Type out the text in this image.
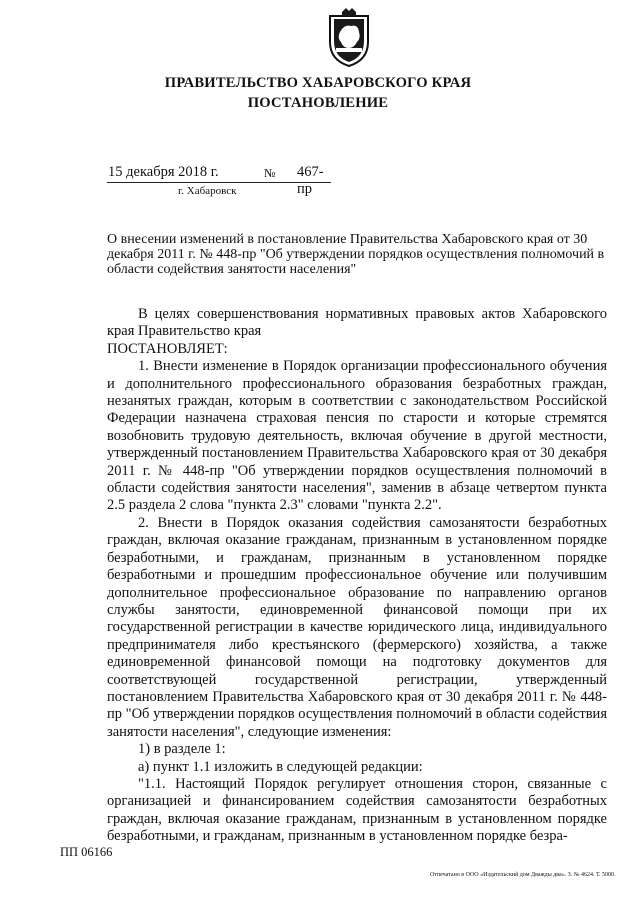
ПРАВИТЕЛЬСТВО ХАБАРОВСКОГО КРАЯ
ПОСТАНОВЛЕНИЕ
15 декабря 2018 г.	№ 467-пр
г. Хабаровск
О внесении изменений в постановление Правительства Хабаровского края от 30 декабря 2011 г. № 448-пр "Об утверждении порядков осуществления полномочий в области содействия занятости населения"

В целях совершенствования нормативных правовых актов Хабаровского края Правительство края

ПОСТАНОВЛЯЕТ:

1. Внести изменение в Порядок организации профессионального обучения и дополнительного профессионального образования безработных граждан, незанятых граждан, которым в соответствии с законодательством Российской Федерации назначена страховая пенсия по старости и которые стремятся возобновить трудовую деятельность, включая обучение в другой местности, утвержденный постановлением Правительства Хабаровского края от 30 декабря 2011 г. № 448-пр "Об утверждении порядков осуществления полномочий в области содействия занятости населения", заменив в абзаце четвертом пункта 2.5 раздела 2 слова "пункта 2.3" словами "пункта 2.2".

2. Внести в Порядок оказания содействия самозанятости безработных граждан, включая оказание гражданам, признанным в установленном порядке безработными, и гражданам, признанным в установленном порядке безработными и прошедшим профессиональное обучение или получившим дополнительное профессиональное образование по направлению органов службы занятости, единовременной финансовой помощи при их государственной регистрации в качестве юридического лица, индивидуального предпринимателя либо крестьянского (фермерского) хозяйства, а также единовременной финансовой помощи на подготовку документов для соответствующей государственной регистрации, утвержденный постановлением Правительства Хабаровского края от 30 декабря 2011 г. № 448-пр "Об утверждении порядков осуществления полномочий в области содействия занятости населения", следующие изменения:

1) в разделе 1:

а) пункт 1.1 изложить в следующей редакции:

"1.1. Настоящий Порядок регулирует отношения сторон, связанные с организацией и финансированием содействия самозанятости безработных граждан, включая оказание гражданам, признанным в установленном порядке безработными, и гражданам, признанным в установленном порядке безра-

ПП 06166
Отпечатано в ООО «Издательский дом Дважды два». З. № 4624. Т. 5000.
